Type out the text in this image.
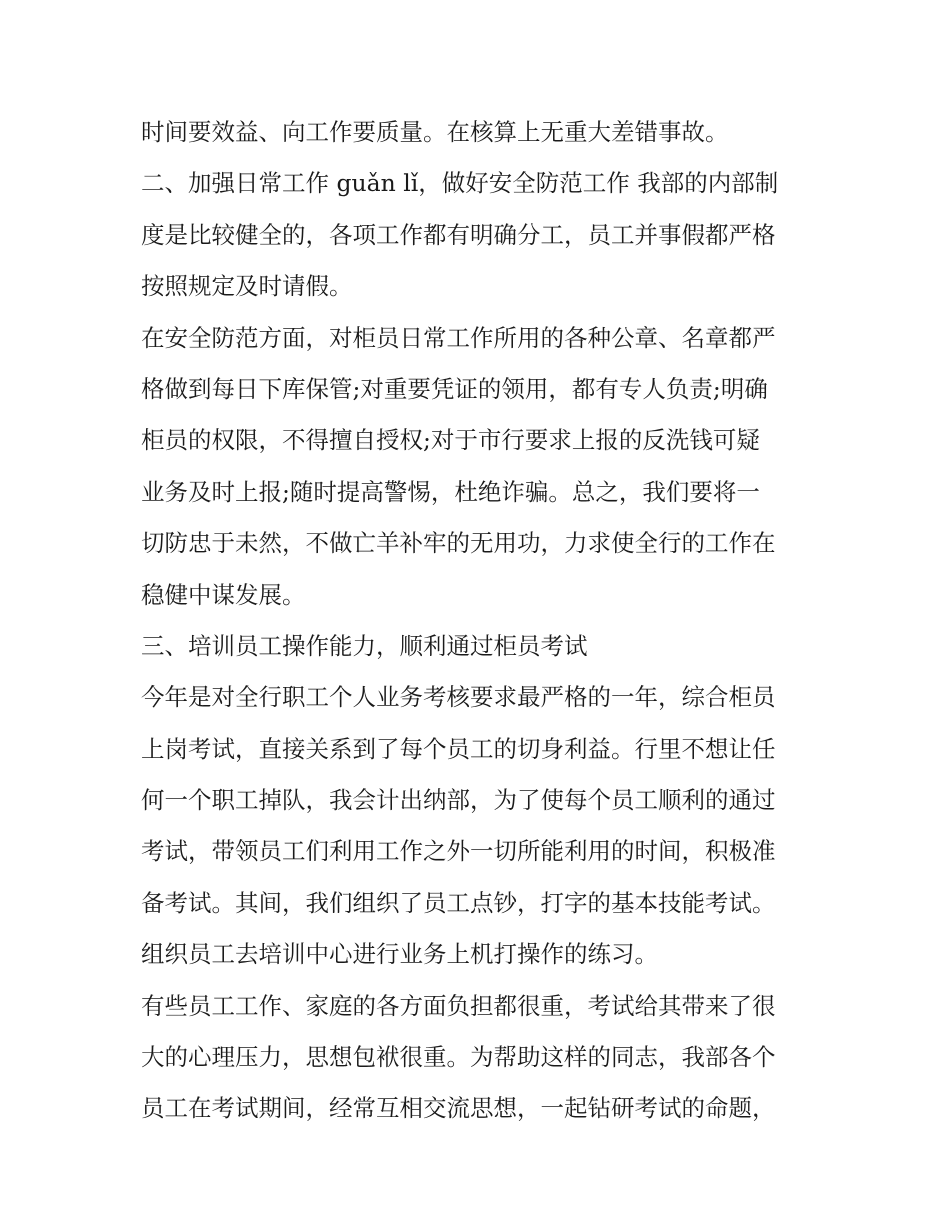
时间要效益、向工作要质量。在核算上无重大差错事故。
二、加强日常工作 guǎn lǐ，做好安全防范工作 我部的内部制
度是比较健全的，各项工作都有明确分工，员工并事假都严格
按照规定及时请假。
在安全防范方面，对柜员日常工作所用的各种公章、名章都严
格做到每日下库保管;对重要凭证的领用，都有专人负责;明确
柜员的权限，不得擅自授权;对于市行要求上报的反洗钱可疑
业务及时上报;随时提高警惕，杜绝诈骗。总之，我们要将一
切防忠于未然，不做亡羊补牢的无用功，力求使全行的工作在
稳健中谋发展。
三、培训员工操作能力，顺利通过柜员考试
今年是对全行职工个人业务考核要求最严格的一年，综合柜员
上岗考试，直接关系到了每个员工的切身利益。行里不想让任
何一个职工掉队，我会计出纳部，为了使每个员工顺利的通过
考试，带领员工们利用工作之外一切所能利用的时间，积极准
备考试。其间，我们组织了员工点钞，打字的基本技能考试。
组织员工去培训中心进行业务上机打操作的练习。
有些员工工作、家庭的各方面负担都很重，考试给其带来了很
大的心理压力，思想包袱很重。为帮助这样的同志，我部各个
员工在考试期间，经常互相交流思想，一起钻研考试的命题，
